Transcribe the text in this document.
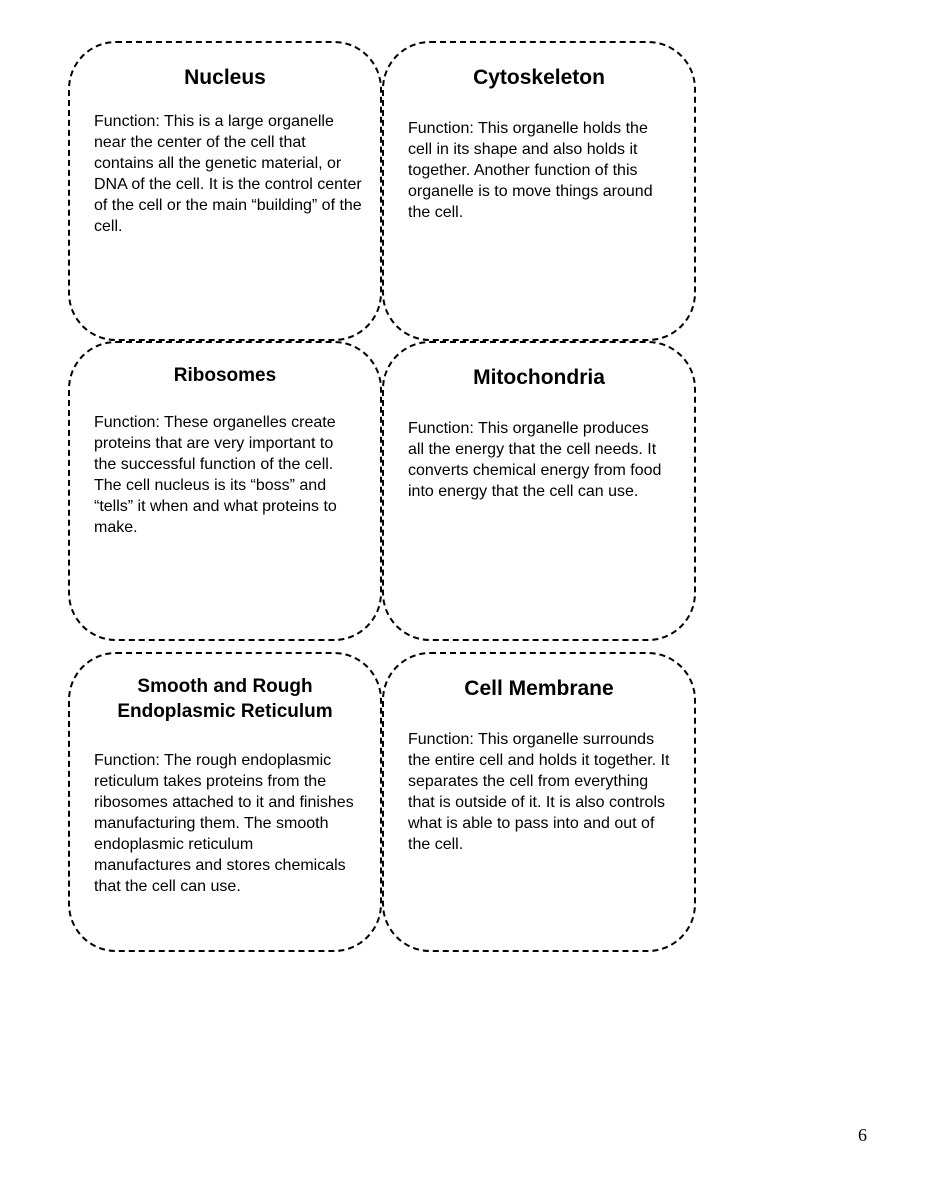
Nucleus

Function: This is a large organelle near the center of the cell that contains all the genetic material, or DNA of the cell. It is the control center of the cell or the main “building” of the cell.

Cytoskeleton

Function: This organelle holds the cell in its shape and also holds it together. Another function of this organelle is to move things around the cell.

Ribosomes

Function: These organelles create proteins that are very important to the successful function of the cell. The cell nucleus is its “boss” and “tells” it when and what proteins to make.

Mitochondria

Function: This organelle produces all the energy that the cell needs. It converts chemical energy from food into energy that the cell can use.

Smooth and Rough
Endoplasmic Reticulum

Function: The rough endoplasmic reticulum takes proteins from the ribosomes attached to it and finishes manufacturing them. The smooth endoplasmic reticulum manufactures and stores chemicals that the cell can use.

Cell Membrane

Function: This organelle surrounds the entire cell and holds it together. It separates the cell from everything that is outside of it. It is also controls what is able to pass into and out of the cell.

6
